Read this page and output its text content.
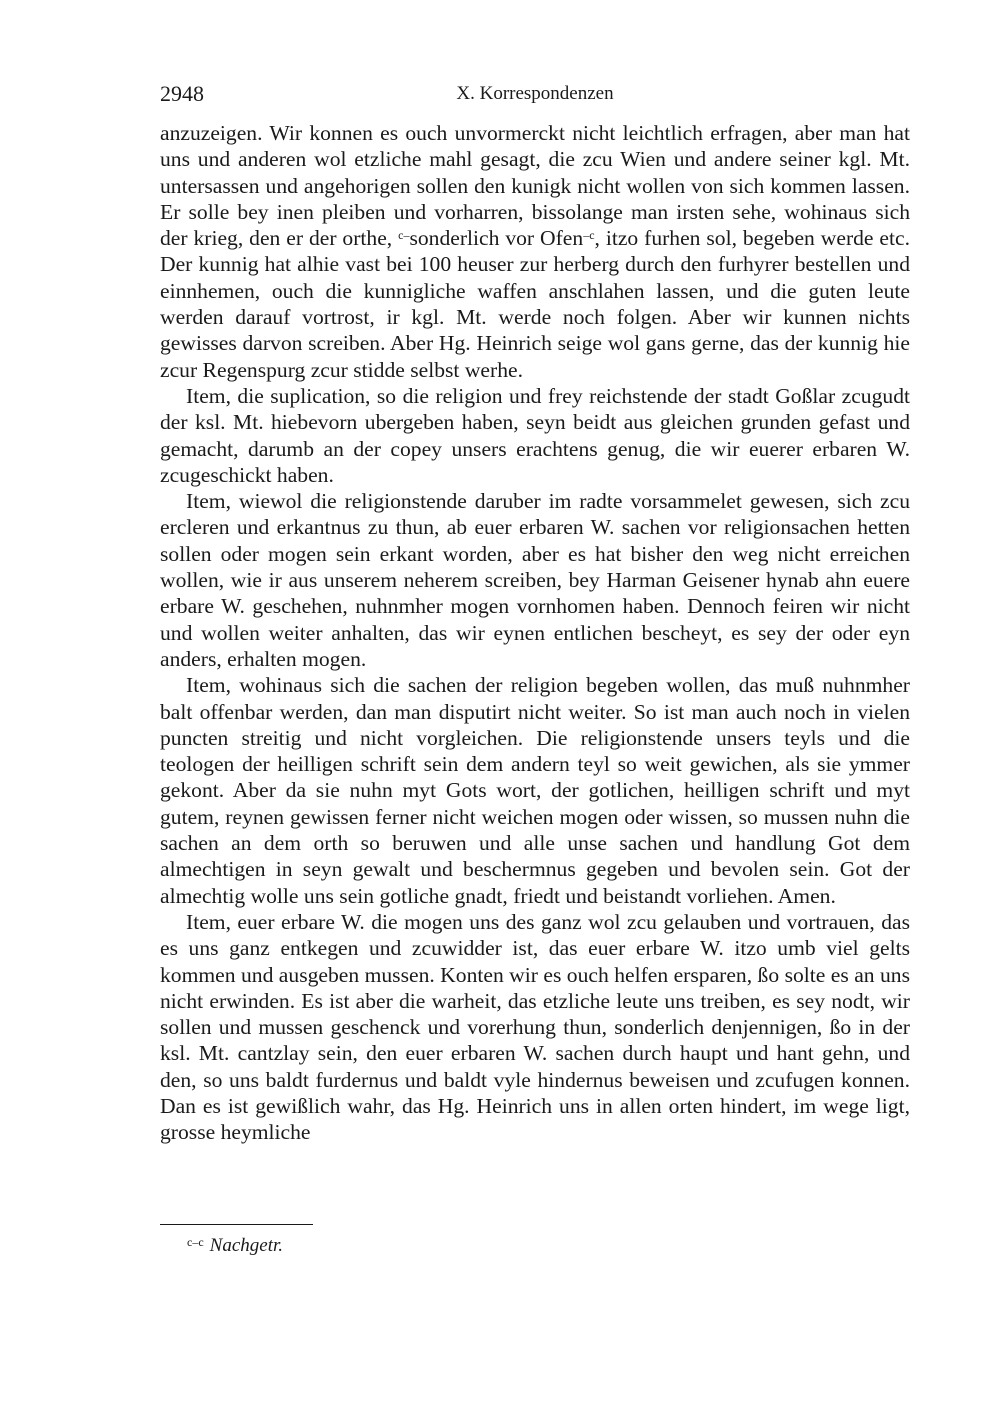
2948	X. Korrespondenzen

anzuzeigen. Wir konnen es ouch unvormerckt nicht leichtlich erfragen, aber man hat uns und anderen wol etzliche mahl gesagt, die zcu Wien und andere seiner kgl. Mt. untersassen und angehorigen sollen den kunigk nicht wollen von sich kommen lassen. Er solle bey inen pleiben und vorharren, bissolange man irsten sehe, wohinaus sich der krieg, den er der orthe, $^{c-}$sonderlich vor Ofen$^{-c}$, itzo furhen sol, begeben werde etc. Der kunnig hat alhie vast bei 100 heuser zur herberg durch den furhyrer bestellen und einnhemen, ouch die kunnigliche waffen anschlahen lassen, und die guten leute werden darauf vortrost, ir kgl. Mt. werde noch folgen. Aber wir kunnen nichts gewisses darvon screiben. Aber Hg. Heinrich seige wol gans gerne, das der kunnig hie zcur Regenspurg zcur stidde selbst werhe.

Item, die suplication, so die religion und frey reichstende der stadt Goßlar zcugudt der ksl. Mt. hiebevorn ubergeben haben, seyn beidt aus gleichen grunden gefast und gemacht, darumb an der copey unsers erachtens genug, die wir euerer erbaren W. zcugeschickt haben.

Item, wiewol die religionstende daruber im radte vorsammelet gewesen, sich zcu ercleren und erkantnus zu thun, ab euer erbaren W. sachen vor religionsachen hetten sollen oder mogen sein erkant worden, aber es hat bisher den weg nicht erreichen wollen, wie ir aus unserem neherem screiben, bey Harman Geisener hynab ahn euere erbare W. geschehen, nuhnmher mogen vornhomen haben. Dennoch feiren wir nicht und wollen weiter anhalten, das wir eynen entlichen bescheyt, es sey der oder eyn anders, erhalten mogen.

Item, wohinaus sich die sachen der religion begeben wollen, das muß nuhnmher balt offenbar werden, dan man disputirt nicht weiter. So ist man auch noch in vielen puncten streitig und nicht vorgleichen. Die religionstende unsers teyls und die teologen der heilligen schrift sein dem andern teyl so weit gewichen, als sie ymmer gekont. Aber da sie nuhn myt Gots wort, der gotlichen, heilligen schrift und myt gutem, reynen gewissen ferner nicht weichen mogen oder wissen, so mussen nuhn die sachen an dem orth so beruwen und alle unse sachen und handlung Got dem almechtigen in seyn gewalt und beschermnus gegeben und bevolen sein. Got der almechtig wolle uns sein gotliche gnadt, friedt und beistandt vorliehen. Amen.

Item, euer erbare W. die mogen uns des ganz wol zcu gelauben und vortrauen, das es uns ganz entkegen und zcuwidder ist, das euer erbare W. itzo umb viel gelts kommen und ausgeben mussen. Konten wir es ouch helfen ersparen, ßo solte es an uns nicht erwinden. Es ist aber die warheit, das etzliche leute uns treiben, es sey nodt, wir sollen und mussen geschenck und vorerhung thun, sonderlich denjennigen, ßo in der ksl. Mt. cantzlay sein, den euer erbaren W. sachen durch haupt und hant gehn, und den, so uns baldt furdernus und baldt vyle hindernus beweisen und zcufugen konnen. Dan es ist gewißlich wahr, das Hg. Heinrich uns in allen orten hindert, im wege ligt, grosse heymliche

$^{c-c}$ Nachgetr.
